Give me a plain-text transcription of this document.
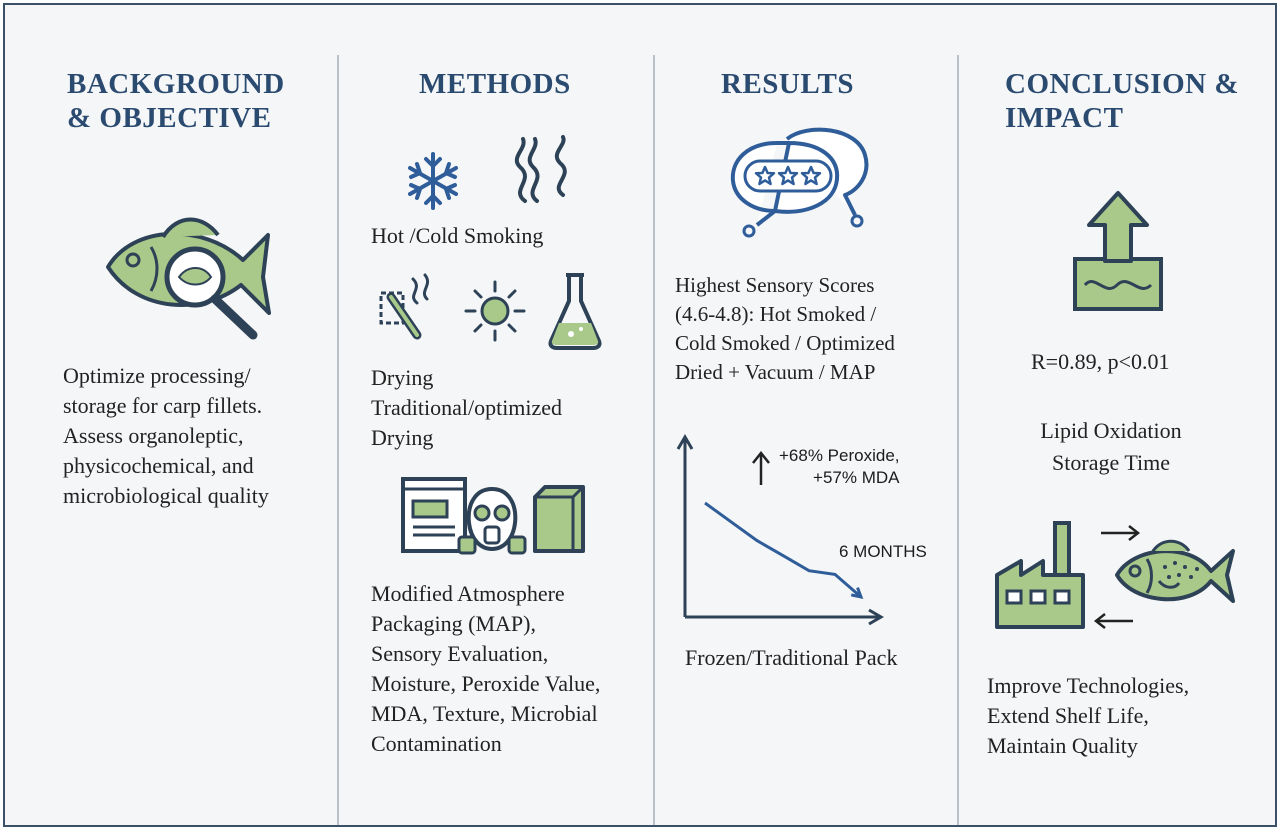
BACKGROUND
& OBJECTIVE
Optimize processing/
storage for carp fillets.
Assess organoleptic,
physicochemical, and
microbiological quality
METHODS
Hot /Cold Smoking
Drying
Traditional/optimized
Drying
Modified Atmosphere
Packaging (MAP),
Sensory Evaluation,
Moisture, Peroxide Value,
MDA, Texture, Microbial
Contamination
RESULTS
Highest Sensory Scores
(4.6-4.8): Hot Smoked /
Cold Smoked / Optimized
Dried + Vacuum / MAP
+68% Peroxide,
+57% MDA
6 MONTHS
Frozen/Traditional Pack
CONCLUSION &
IMPACT
R=0.89, p<0.01
Lipid Oxidation
Storage Time
Improve Technologies,
Extend Shelf Life,
Maintain Quality
